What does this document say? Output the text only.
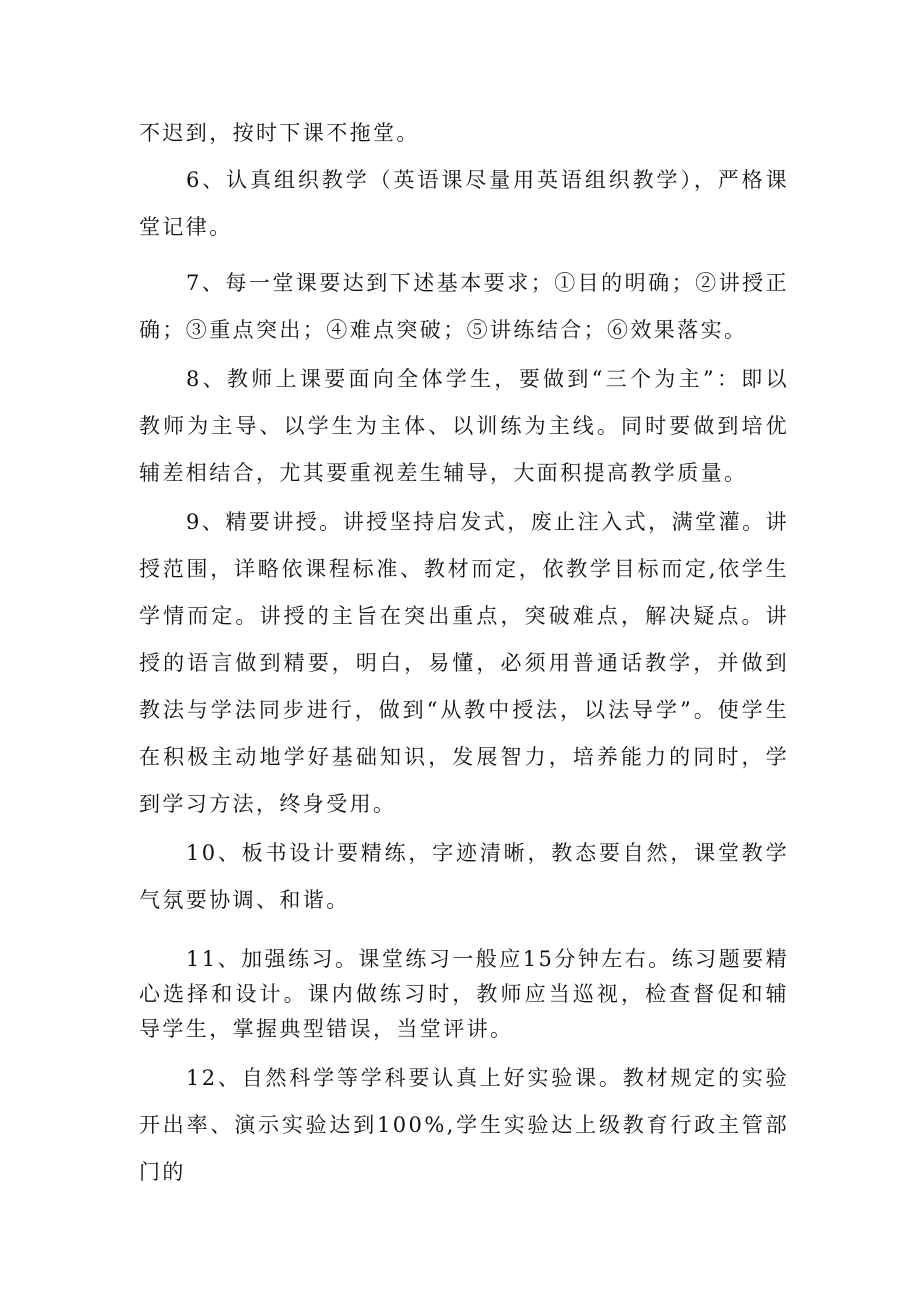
不迟到，按时下课不拖堂。

6、认真组织教学（英语课尽量用英语组织教学），严格课堂记律。

7、每一堂课要达到下述基本要求；①目的明确；②讲授正确；③重点突出；④难点突破；⑤讲练结合；⑥效果落实。

8、教师上课要面向全体学生，要做到“三个为主”：即以教师为主导、以学生为主体、以训练为主线。同时要做到培优辅差相结合，尤其要重视差生辅导，大面积提高教学质量。

9、精要讲授。讲授坚持启发式，废止注入式，满堂灌。讲授范围，详略依课程标准、教材而定，依教学目标而定,依学生学情而定。讲授的主旨在突出重点，突破难点，解决疑点。讲授的语言做到精要，明白，易懂，必须用普通话教学，并做到教法与学法同步进行，做到“从教中授法，以法导学”。使学生在积极主动地学好基础知识，发展智力，培养能力的同时，学到学习方法，终身受用。

10、板书设计要精练，字迹清晰，教态要自然，课堂教学气氛要协调、和谐。

11、加强练习。课堂练习一般应15分钟左右。练习题要精心选择和设计。课内做练习时，教师应当巡视，检查督促和辅导学生，掌握典型错误，当堂评讲。

12、自然科学等学科要认真上好实验课。教材规定的实验开出率、演示实验达到100%,学生实验达上级教育行政主管部门的
